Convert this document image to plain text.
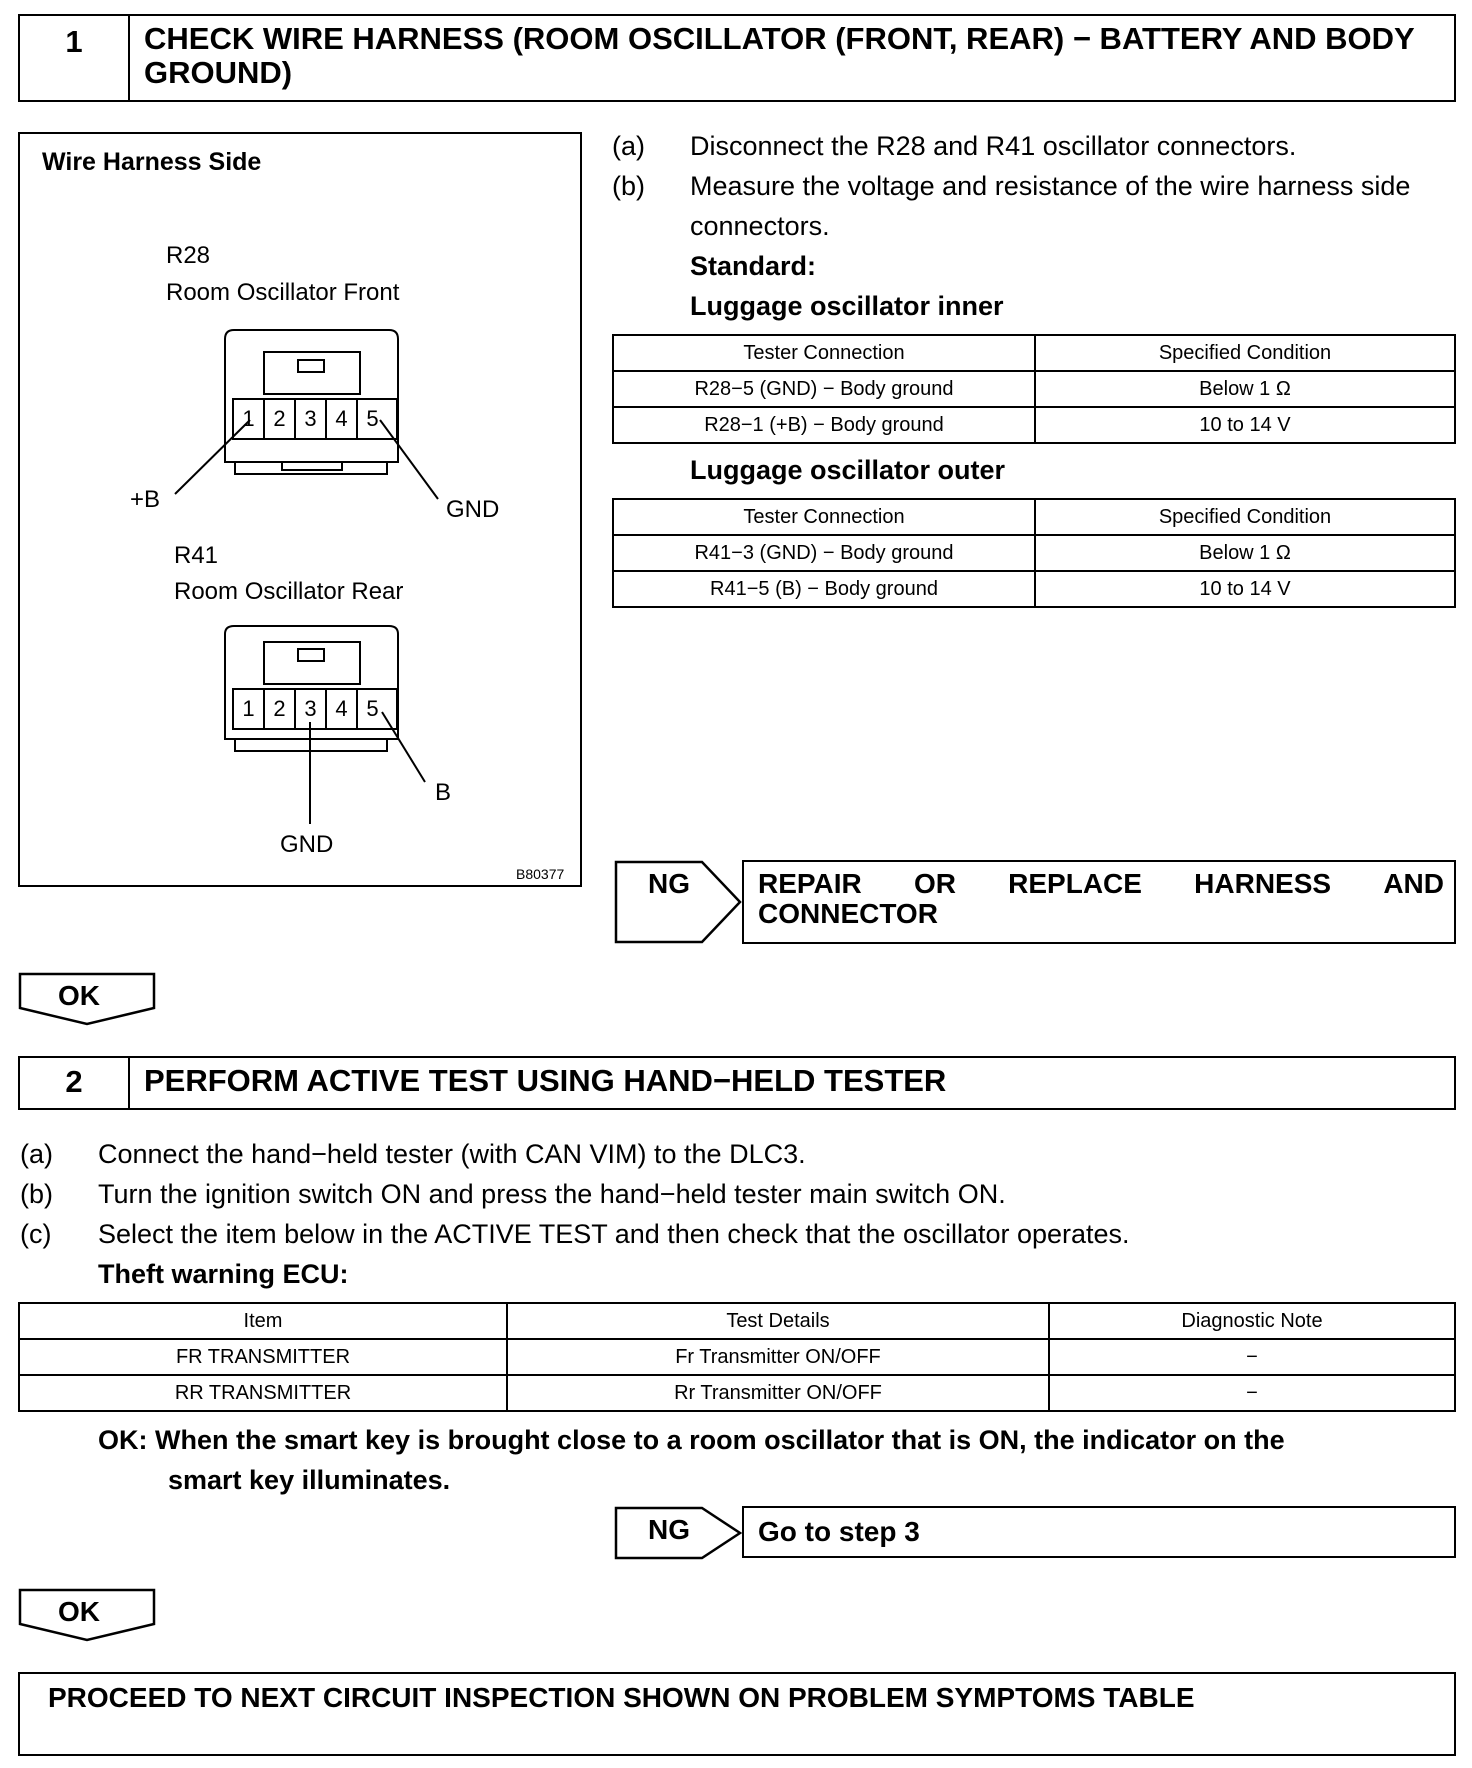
1	CHECK WIRE HARNESS (ROOM OSCILLATOR (FRONT, REAR) − BATTERY AND BODY GROUND)
Wire Harness Side
R28
Room Oscillator Front
1 2 3 4 5
1 2 3 4 5
+B	GND
R41
Room Oscillator Rear
B
GND
B80377
(a) Disconnect the R28 and R41 oscillator connectors.
(b) Measure the voltage and resistance of the wire harness side connectors.
Standard:
Luggage oscillator inner
Tester Connection	Specified Condition
R28−5 (GND) − Body ground	Below 1 Ω
R28−1 (+B) − Body ground	10 to 14 V
Luggage oscillator outer
Tester Connection	Specified Condition
R41−3 (GND) − Body ground	Below 1 Ω
R41−5 (B) − Body ground	10 to 14 V
NG REPAIR OR REPLACE HARNESS AND
CONNECTOR
OK
2	PERFORM ACTIVE TEST USING HAND−HELD TESTER
(a) Connect the hand−held tester (with CAN VIM) to the DLC3.
(b) Turn the ignition switch ON and press the hand−held tester main switch ON.
(c) Select the item below in the ACTIVE TEST and then check that the oscillator operates.
Theft warning ECU:
Item	Test Details	Diagnostic Note
FR TRANSMITTER	Fr Transmitter ON/OFF	−
RR TRANSMITTER	Rr Transmitter ON/OFF	−
OK: When the smart key is brought close to a room oscillator that is ON, the indicator on the
smart key illuminates.
NG Go to step 3
OK
PROCEED TO NEXT CIRCUIT INSPECTION SHOWN ON PROBLEM SYMPTOMS TABLE
